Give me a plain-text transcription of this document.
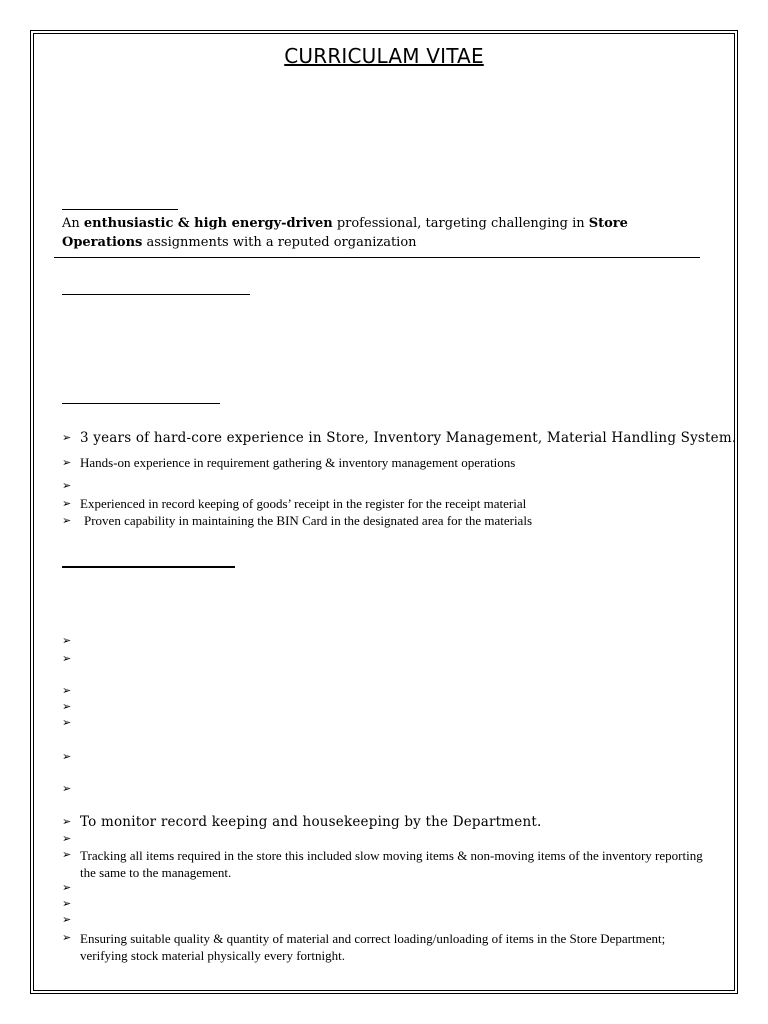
CURRICULAM VITAE
An enthusiastic & high energy-driven professional, targeting challenging in Store Operations assignments with a reputed organization
➢ 3 years of hard-core experience in Store, Inventory Management, Material Handling System.
➢ Hands-on experience in requirement gathering & inventory management operations
➢
➢ Experienced in record keeping of goods’ receipt in the register for the receipt material
➢ Proven capability in maintaining the BIN Card in the designated area for the materials
➢
➢
➢
➢
➢
➢
➢
➢ To monitor record keeping and housekeeping by the Department.
➢
➢ Tracking all items required in the store this included slow moving items & non-moving items of the inventory reporting the same to the management.
➢
➢
➢
➢ Ensuring suitable quality & quantity of material and correct loading/unloading of items in the Store Department; verifying stock material physically every fortnight.
